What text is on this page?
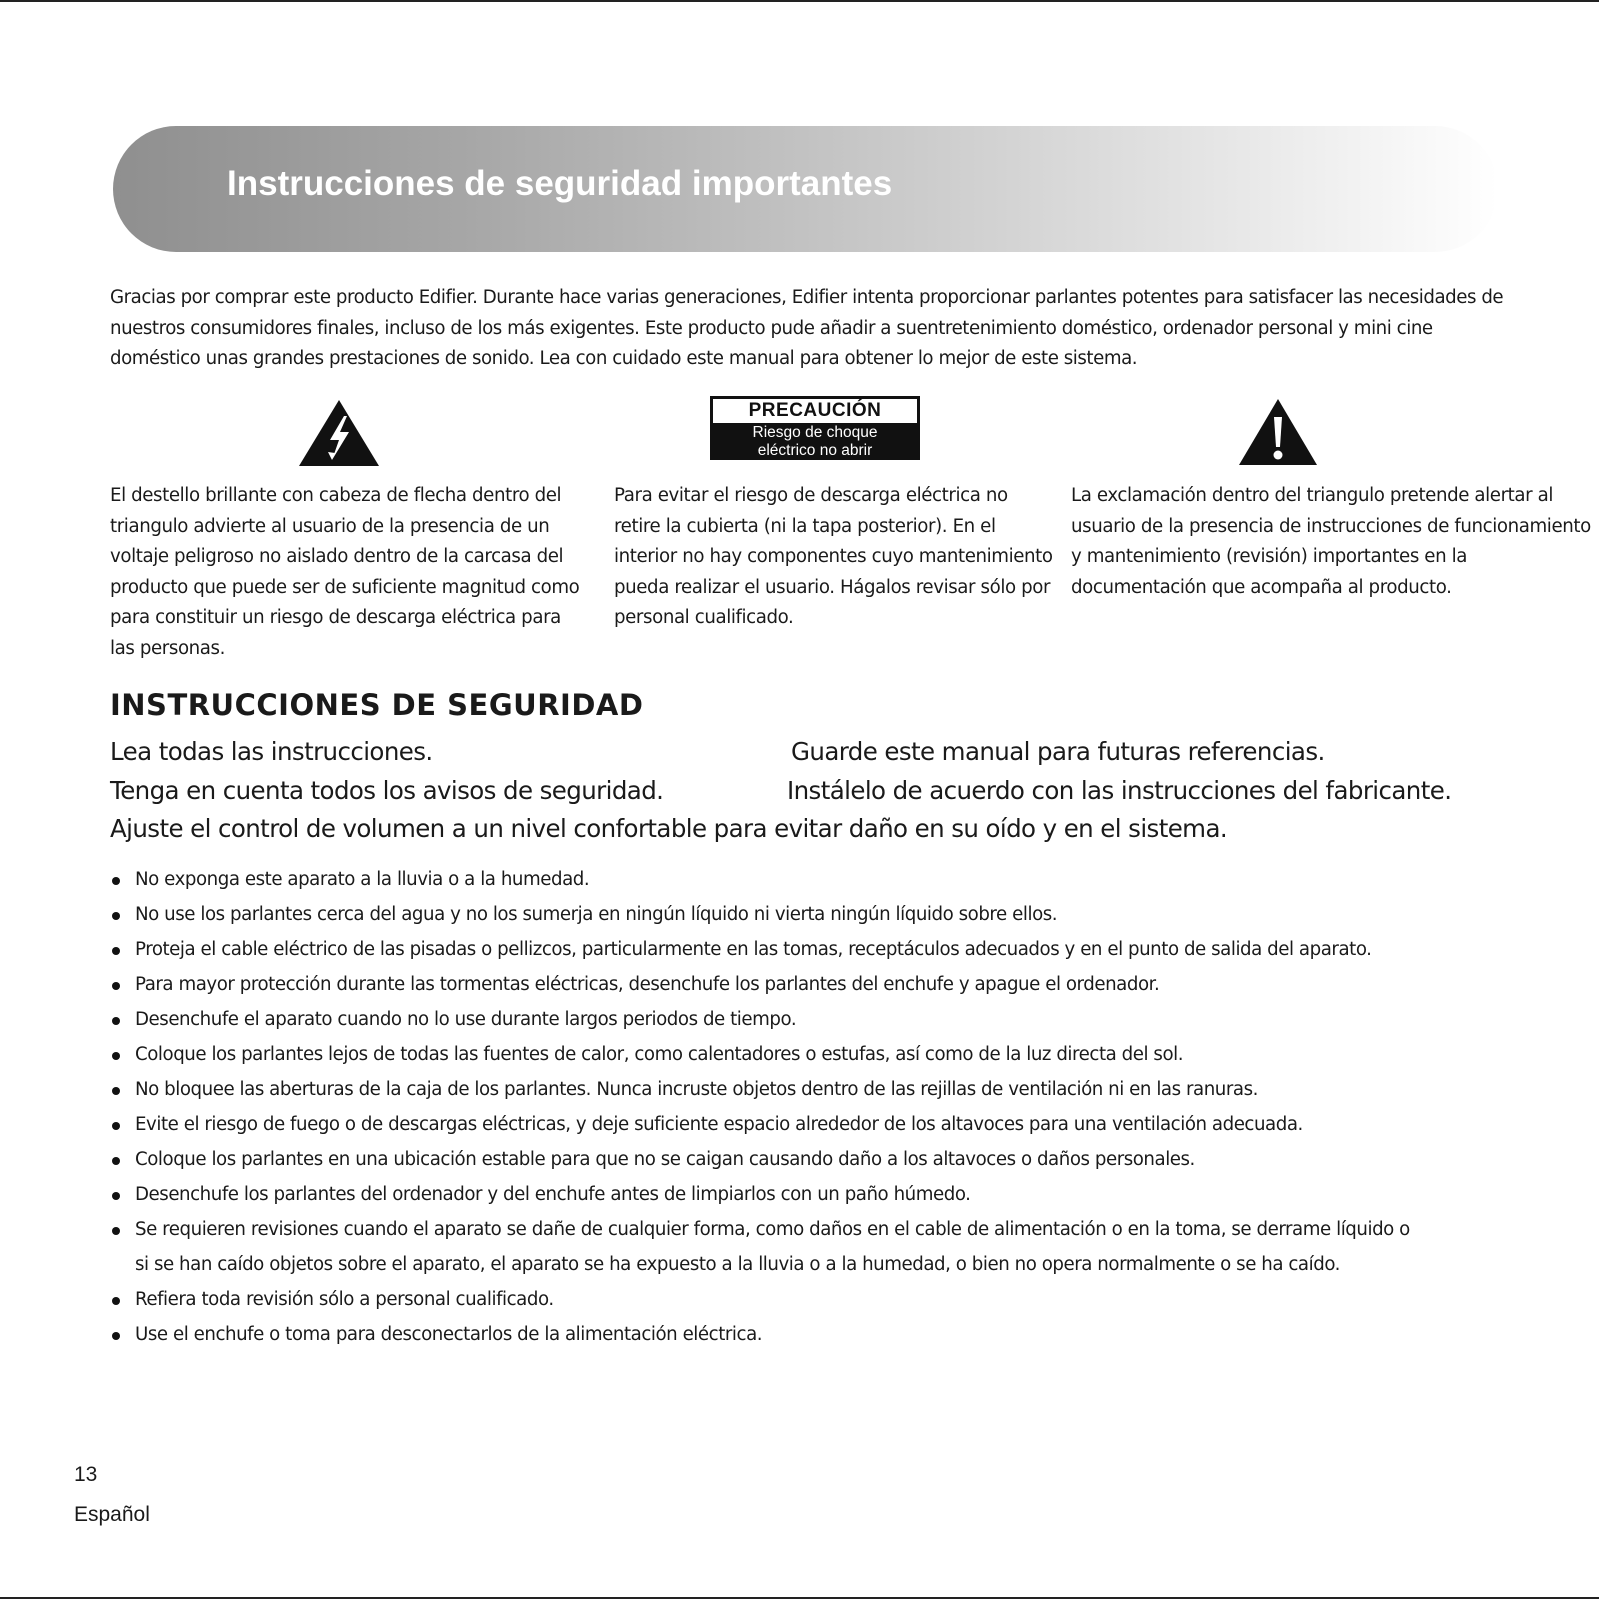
Instrucciones de seguridad importantes

Gracias por comprar este producto Edifier. Durante hace varias generaciones, Edifier intenta proporcionar parlantes potentes para satisfacer las necesidades de nuestros consumidores finales, incluso de los más exigentes. Este producto pude añadir a suentretenimiento doméstico, ordenador personal y mini cine doméstico unas grandes prestaciones de sonido. Lea con cuidado este manual para obtener lo mejor de este sistema.

PRECAUCIÓN
Riesgo de choque
eléctrico no abrir

El destello brillante con cabeza de flecha dentro del triangulo advierte al usuario de la presencia de un voltaje peligroso no aislado dentro de la carcasa del producto que puede ser de suficiente magnitud como para constituir un riesgo de descarga eléctrica para las personas.

Para evitar el riesgo de descarga eléctrica no retire la cubierta (ni la tapa posterior). En el interior no hay componentes cuyo mantenimiento pueda realizar el usuario. Hágalos revisar sólo por personal cualificado.

La exclamación dentro del triangulo pretende alertar al usuario de la presencia de instrucciones de funcionamiento y mantenimiento (revisión) importantes en la documentación que acompaña al producto.

INSTRUCCIONES DE SEGURIDAD

Lea todas las instrucciones.	Guarde este manual para futuras referencias.

Tenga en cuenta todos los avisos de seguridad.	Instálelo de acuerdo con las instrucciones del fabricante.

Ajuste el control de volumen a un nivel confortable para evitar daño en su oído y en el sistema.

No exponga este aparato a la lluvia o a la humedad.
No use los parlantes cerca del agua y no los sumerja en ningún líquido ni vierta ningún líquido sobre ellos.
Proteja el cable eléctrico de las pisadas o pellizcos, particularmente en las tomas, receptáculos adecuados y en el punto de salida del aparato.
Para mayor protección durante las tormentas eléctricas, desenchufe los parlantes del enchufe y apague el ordenador.
Desenchufe el aparato cuando no lo use durante largos periodos de tiempo.
Coloque los parlantes lejos de todas las fuentes de calor, como calentadores o estufas, así como de la luz directa del sol.
No bloquee las aberturas de la caja de los parlantes. Nunca incruste objetos dentro de las rejillas de ventilación ni en las ranuras.
Evite el riesgo de fuego o de descargas eléctricas, y deje suficiente espacio alrededor de los altavoces para una ventilación adecuada.
Coloque los parlantes en una ubicación estable para que no se caigan causando daño a los altavoces o daños personales.
Desenchufe los parlantes del ordenador y del enchufe antes de limpiarlos con un paño húmedo.
Se requieren revisiones cuando el aparato se dañe de cualquier forma, como daños en el cable de alimentación o en la toma, se derrame líquido o si se han caído objetos sobre el aparato, el aparato se ha expuesto a la lluvia o a la humedad, o bien no opera normalmente o se ha caído.
Refiera toda revisión sólo a personal cualificado.
Use el enchufe o toma para desconectarlos de la alimentación eléctrica.

13

Español
